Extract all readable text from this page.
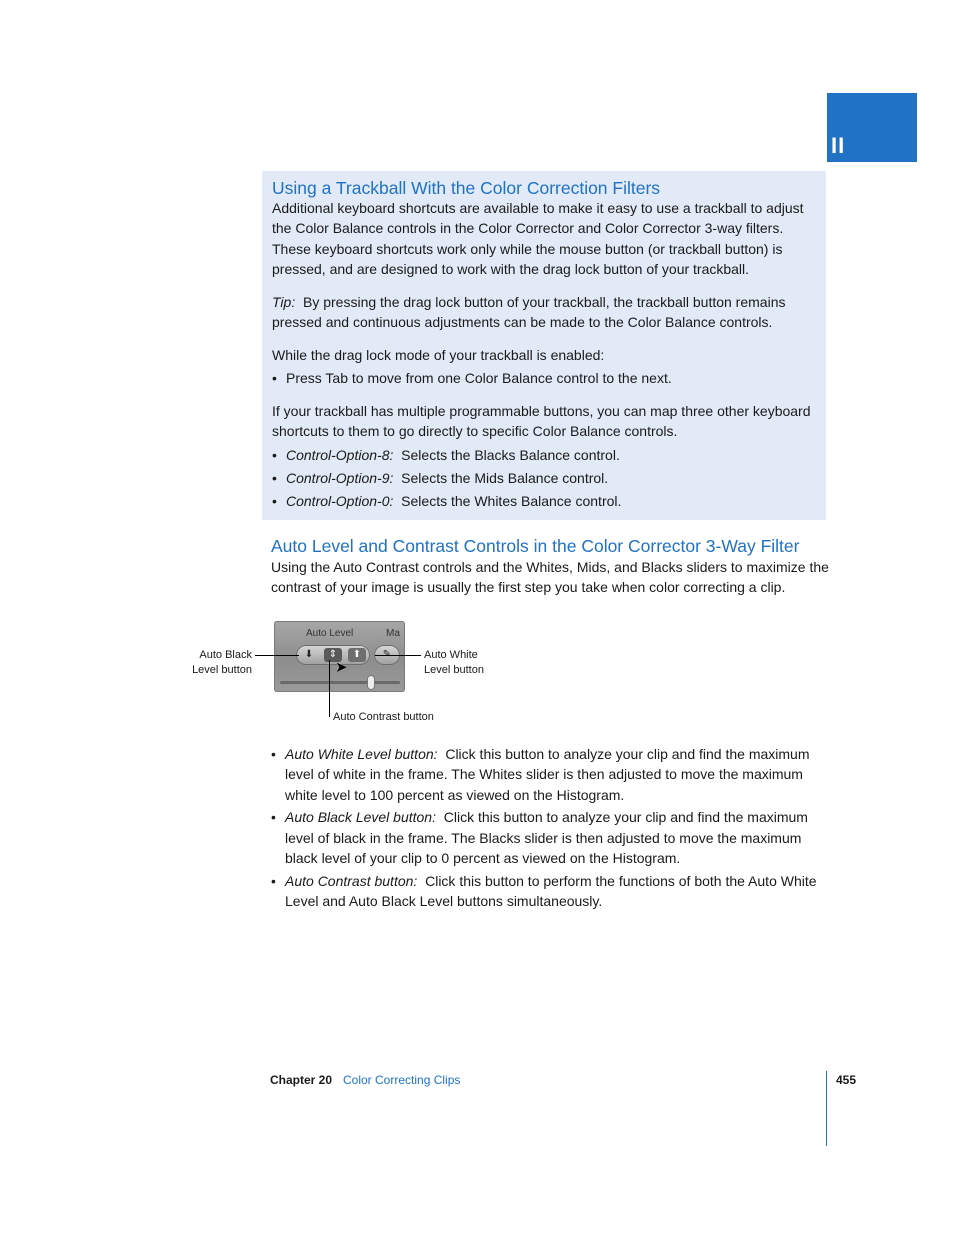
II
Using a Trackball With the Color Correction Filters

Additional keyboard shortcuts are available to make it easy to use a trackball to adjust the Color Balance controls in the Color Corrector and Color Corrector 3-way filters. These keyboard shortcuts work only while the mouse button (or trackball button) is pressed, and are designed to work with the drag lock button of your trackball.

Tip: By pressing the drag lock button of your trackball, the trackball button remains pressed and continuous adjustments can be made to the Color Balance controls.

While the drag lock mode of your trackball is enabled:

• Press Tab to move from one Color Balance control to the next.

If your trackball has multiple programmable buttons, you can map three other keyboard shortcuts to them to go directly to specific Color Balance controls.

• Control-Option-8: Selects the Blacks Balance control.
• Control-Option-9: Selects the Mids Balance control.
• Control-Option-0: Selects the Whites Balance control.
Auto Level and Contrast Controls in the Color Corrector 3-Way Filter

Using the Auto Contrast controls and the Whites, Mids, and Blacks sliders to maximize the contrast of your image is usually the first step you take when color correcting a clip.

Auto Level	Ma
⬇	⇕	⬆
➤

Auto Black
Level button

Auto White
Level button

Auto Contrast button

• Auto White Level button: Click this button to analyze your clip and find the maximum level of white in the frame. The Whites slider is then adjusted to move the maximum white level to 100 percent as viewed on the Histogram.
• Auto Black Level button: Click this button to analyze your clip and find the maximum level of black in the frame. The Blacks slider is then adjusted to move the maximum black level of your clip to 0 percent as viewed on the Histogram.
• Auto Contrast button: Click this button to perform the functions of both the Auto White Level and Auto Black Level buttons simultaneously.
Chapter 20 Color Correcting Clips	455
